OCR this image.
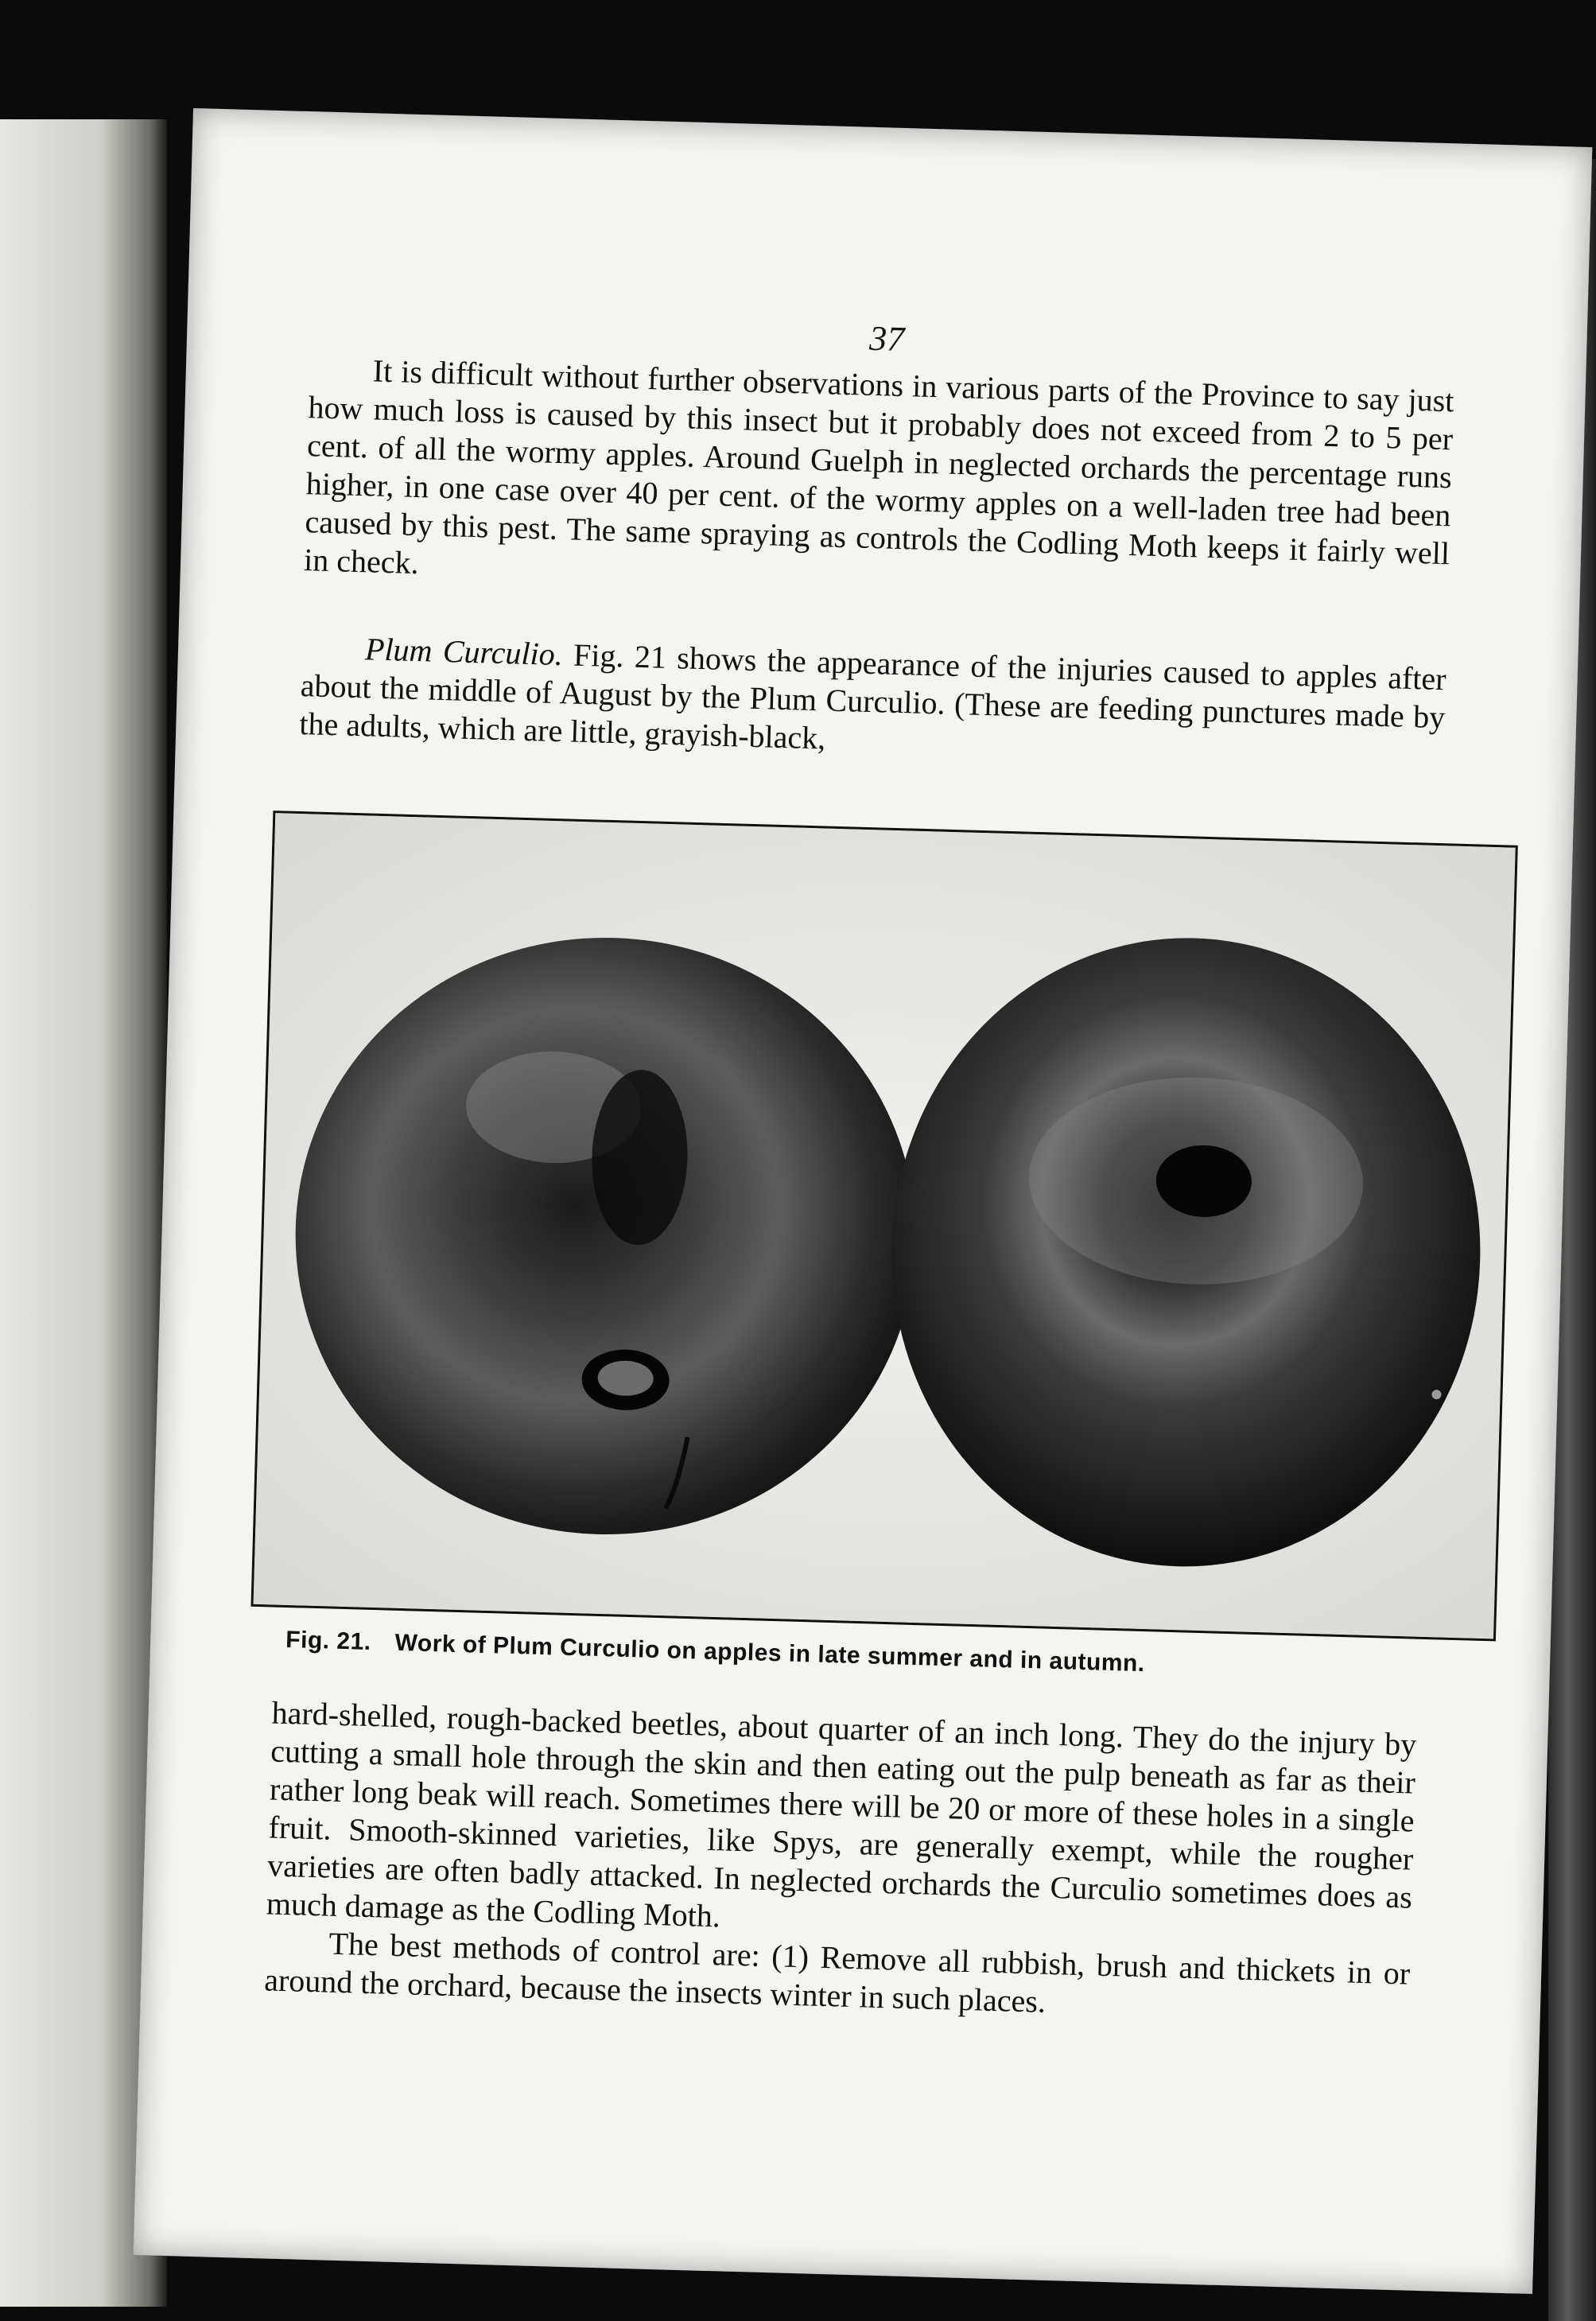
37

It is difficult without further observations in various parts of the Province to say just how much loss is caused by this insect but it probably does not exceed from 2 to 5 per cent. of all the wormy apples. Around Guelph in neglected orchards the percentage runs higher, in one case over 40 per cent. of the wormy apples on a well-laden tree had been caused by this pest. The same spraying as controls the Codling Moth keeps it fairly well in check.

Plum Curculio. Fig. 21 shows the appearance of the injuries caused to apples after about the middle of August by the Plum Curculio. (These are feeding punctures made by the adults, which are little, grayish-black,

Fig. 21. Work of Plum Curculio on apples in late summer and in autumn.

hard-shelled, rough-backed beetles, about quarter of an inch long. They do the injury by cutting a small hole through the skin and then eating out the pulp beneath as far as their rather long beak will reach. Sometimes there will be 20 or more of these holes in a single fruit. Smooth-skinned varieties, like Spys, are generally exempt, while the rougher varieties are often badly attacked. In neglected orchards the Curculio sometimes does as much damage as the Codling Moth.

The best methods of control are: (1) Remove all rubbish, brush and thickets in or around the orchard, because the insects winter in such places.
